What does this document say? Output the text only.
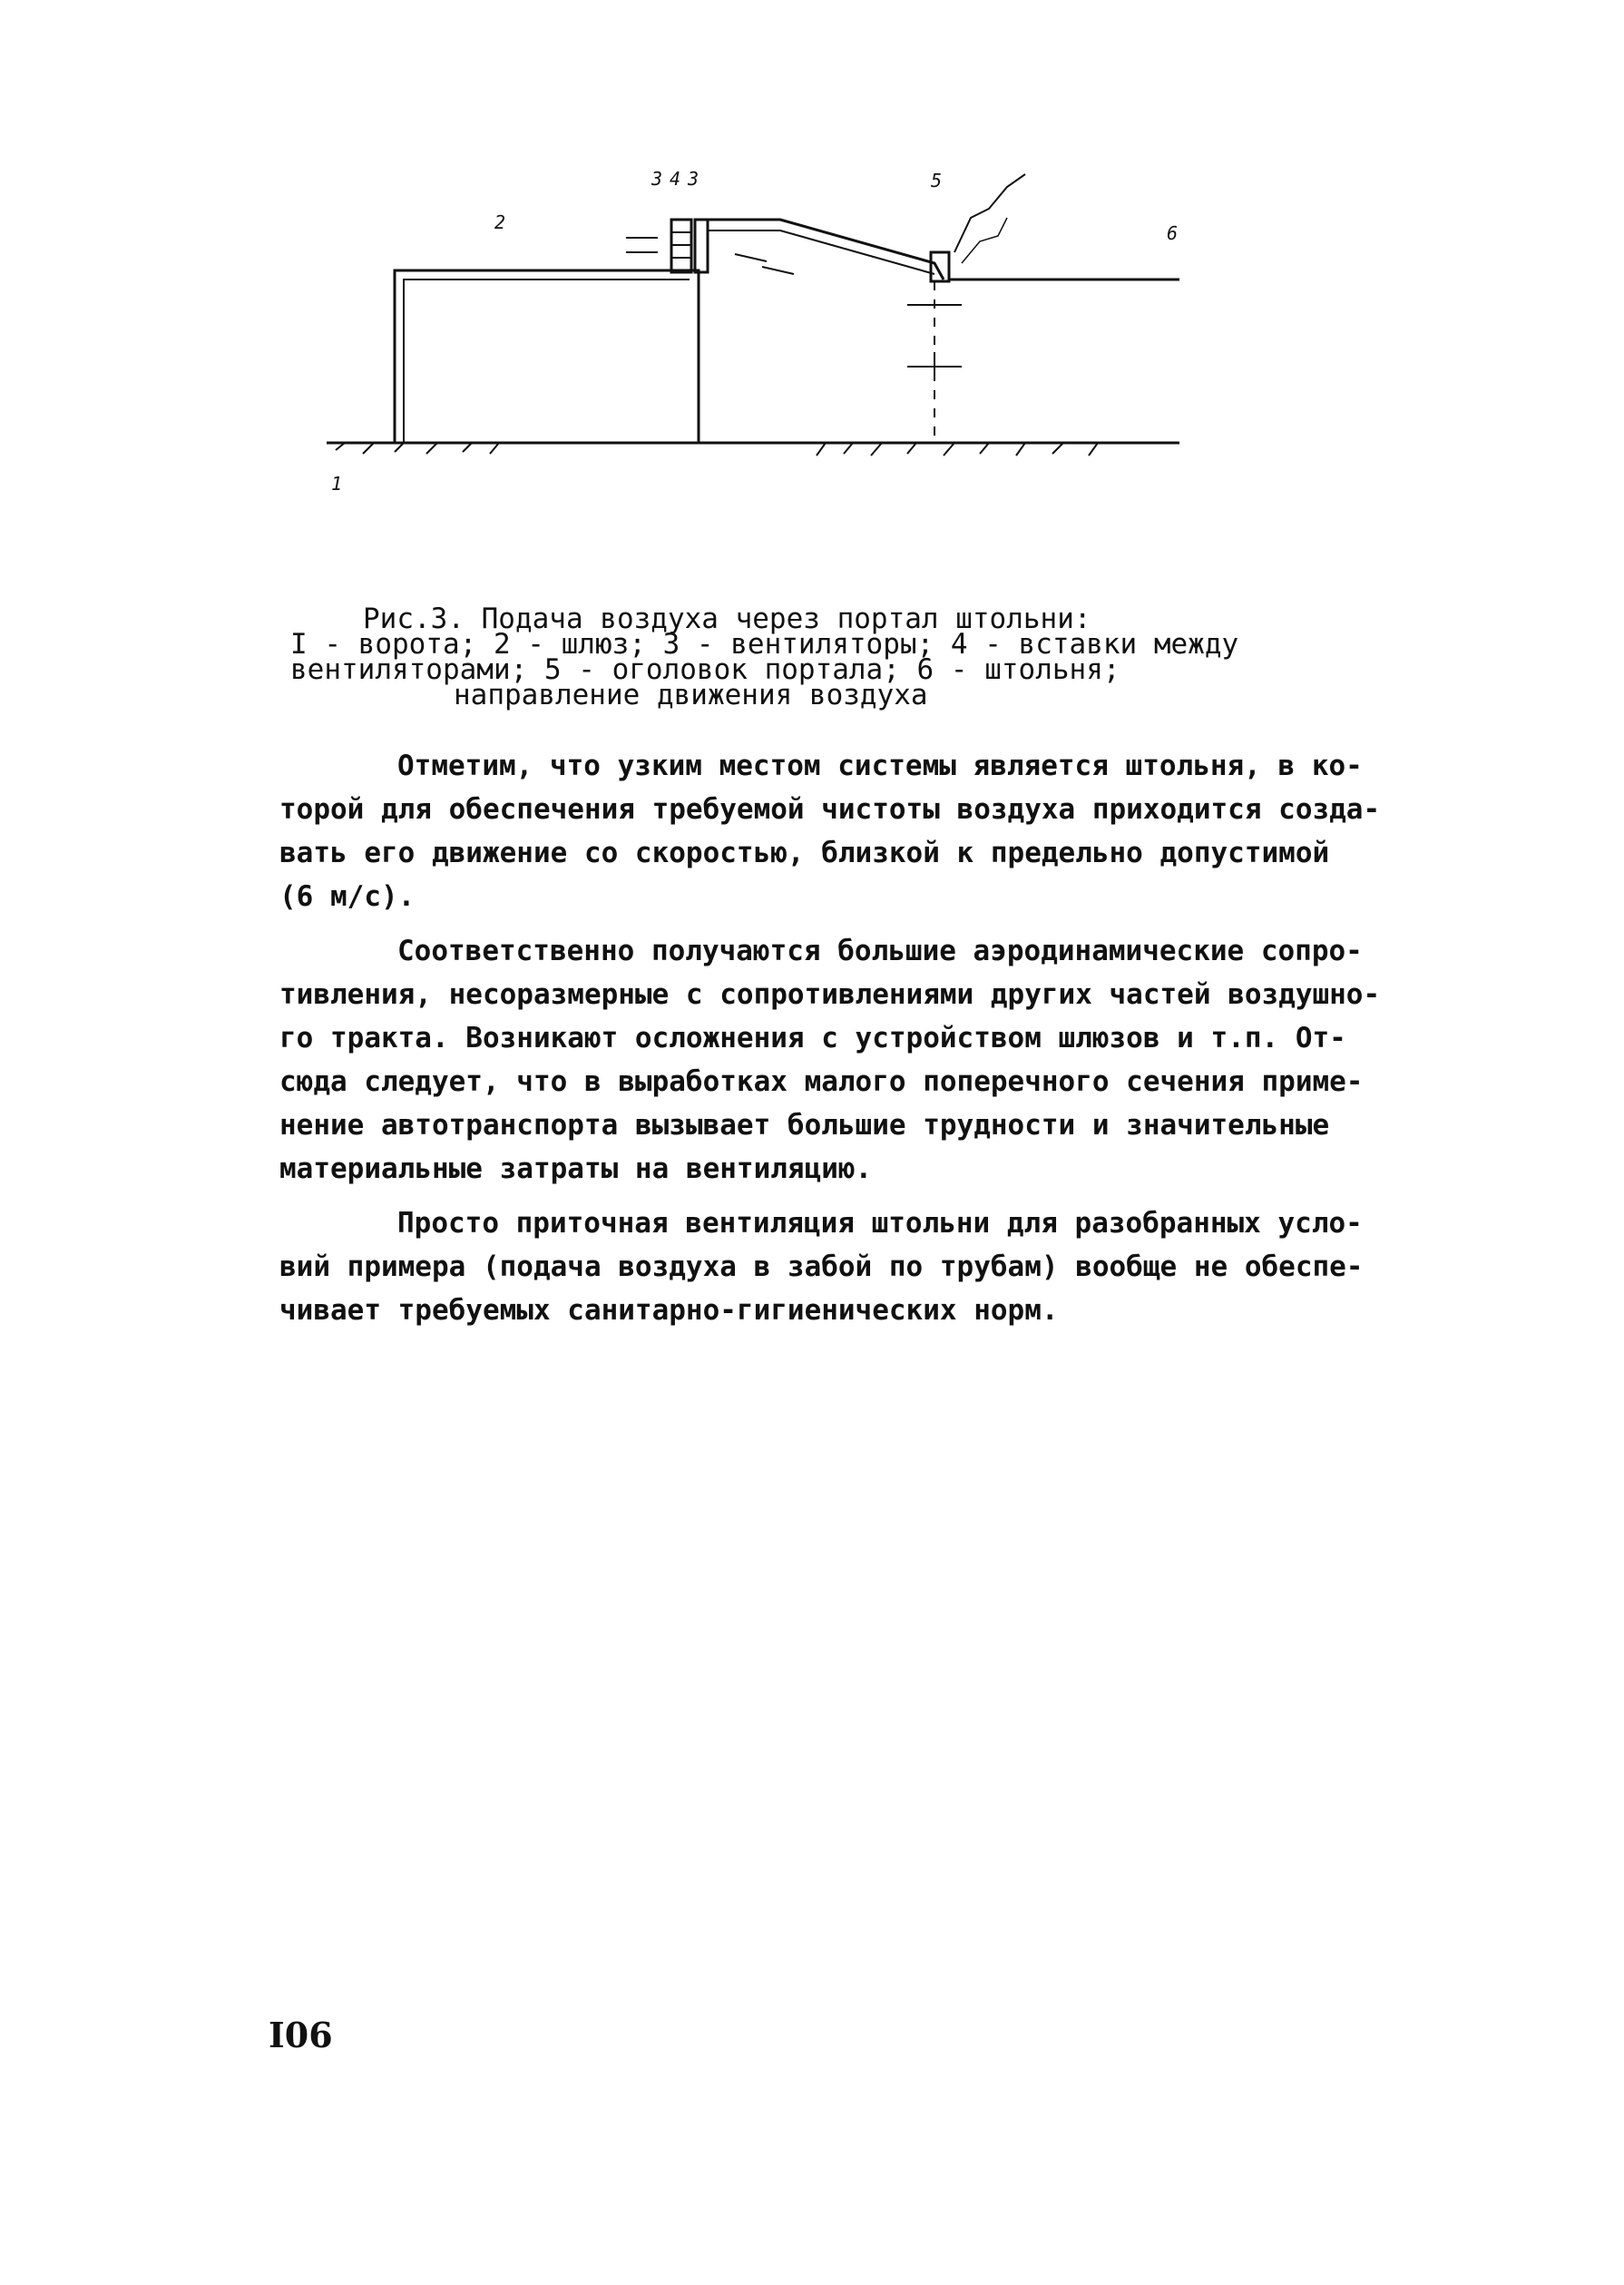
1
2
3 4 3	5
6
Рис.3. Подача воздуха через портал штольни:
I - ворота; 2 - шлюз; 3 - вентиляторы; 4 - вставки между
вентиляторами; 5 - оголовок портала; 6 - штольня;
направление движения воздуха
Отметим, что узким местом системы является штольня, в ко-
торой для обеспечения требуемой чистоты воздуха приходится созда-
вать его движение со скоростью, близкой к предельно допустимой
(6 м/с).
Соответственно получаются большие аэродинамические сопро-
тивления, несоразмерные с сопротивлениями других частей воздушно-
го тракта. Возникают осложнения с устройством шлюзов и т.п. От-
сюда следует, что в выработках малого поперечного сечения приме-
нение автотранспорта вызывает большие трудности и значительные
материальные затраты на вентиляцию.
Просто приточная вентиляция штольни для разобранных усло-
вий примера (подача воздуха в забой по трубам) вообще не обеспе-
чивает требуемых санитарно-гигиенических норм.
I06
